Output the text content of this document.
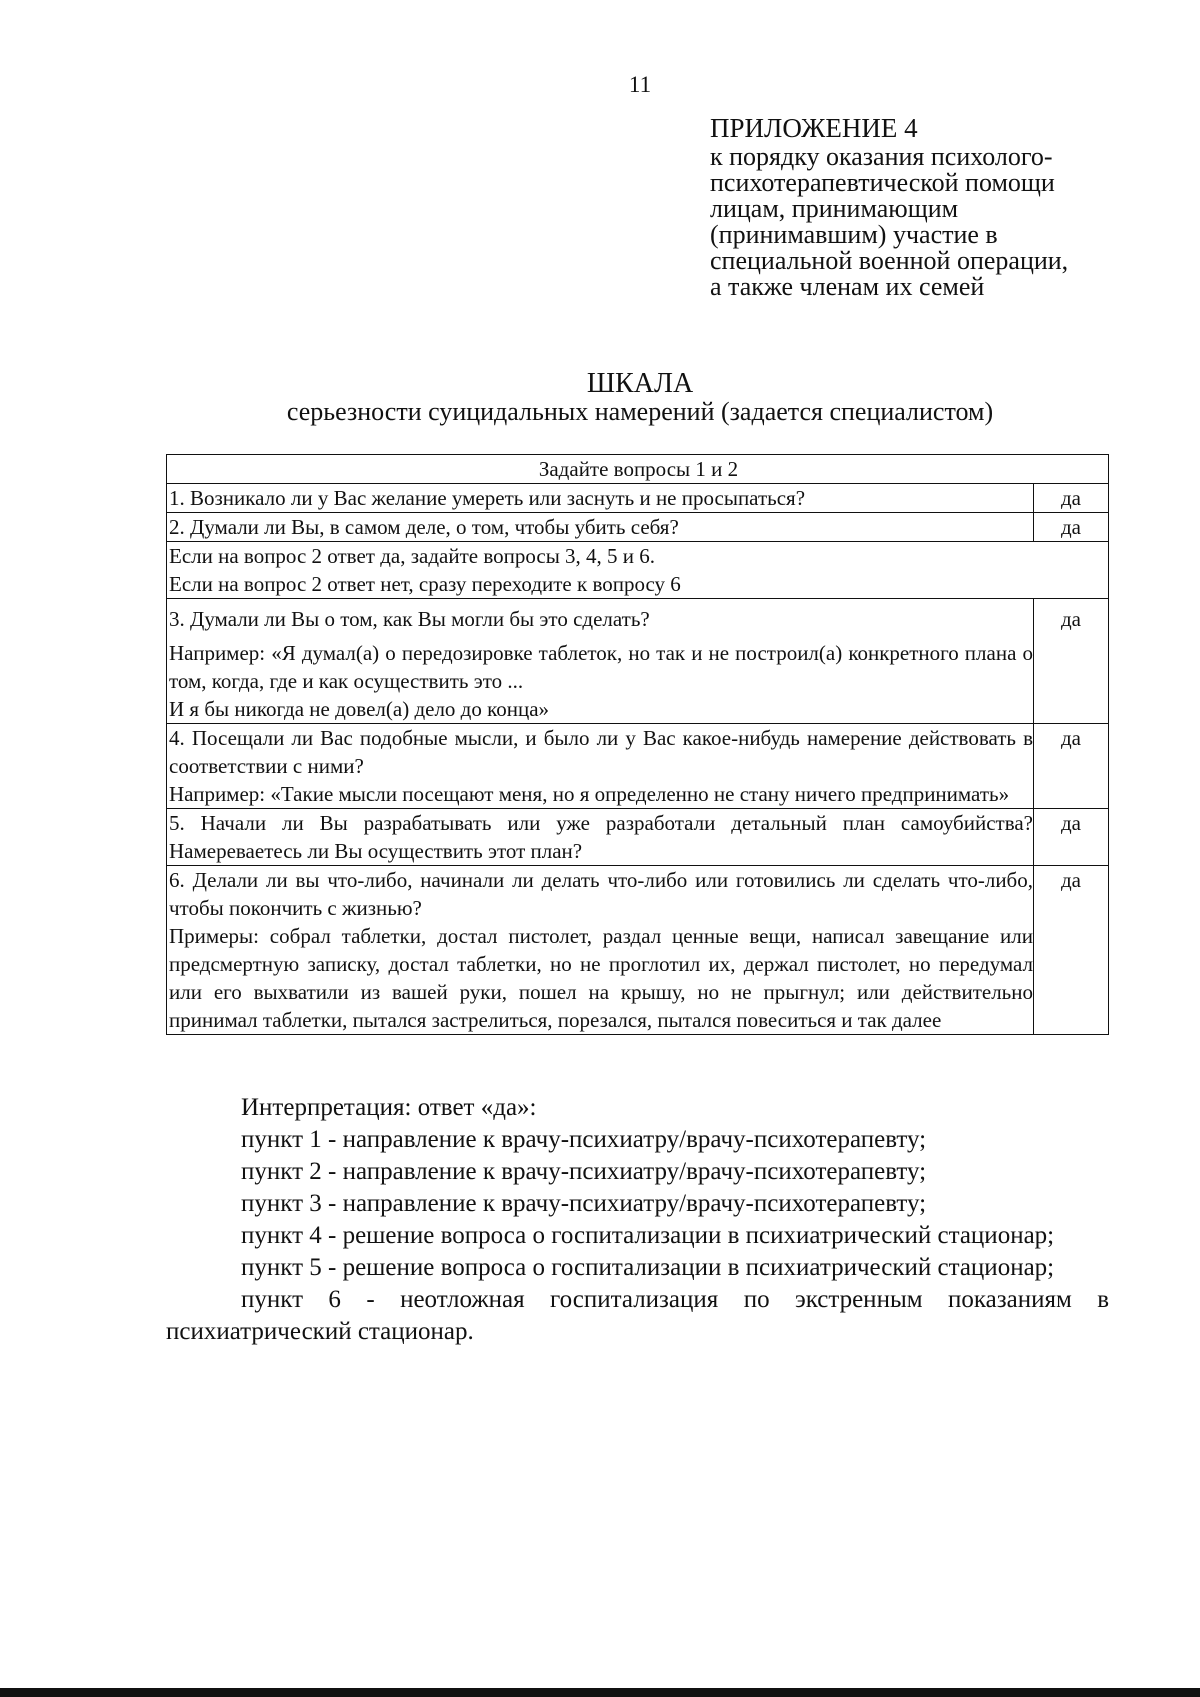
11
ПРИЛОЖЕНИЕ 4
к порядку оказания психолого-
психотерапевтической помощи
лицам, принимающим
(принимавшим) участие в
специальной военной операции,
а также членам их семей
ШКАЛА
серьезности суицидальных намерений (задается специалистом)
Задайте вопросы 1 и 2	
1. Возникало ли у Вас желание умереть или заснуть и не просыпаться?	да
2. Думали ли Вы, в самом деле, о том, чтобы убить себя?	да

Если на вопрос 2 ответ да, задайте вопросы 3, 4, 5 и 6.
Если на вопрос 2 ответ нет, сразу переходите к вопросу 6	

3. Думали ли Вы о том, как Вы могли бы это сделать?
Например: «Я думал(а) о передозировке таблеток, но так и не построил(а) конкретного плана о том, когда, где и как осуществить это ...
И я бы никогда не довел(а) дело до конца»	да

4. Посещали ли Вас подобные мысли, и было ли у Вас какое-нибудь намерение действовать в соответствии с ними?
Например: «Такие мысли посещают меня, но я определенно не стану ничего предпринимать»	да
5. Начали ли Вы разрабатывать или уже разработали детальный план самоубийства? Намереваетесь ли Вы осуществить этот план?	да

6. Делали ли вы что-либо, начинали ли делать что-либо или готовились ли сделать что-либо, чтобы покончить с жизнью?
Примеры: собрал таблетки, достал пистолет, раздал ценные вещи, написал завещание или предсмертную записку, достал таблетки, но не проглотил их, держал пистолет, но передумал или его выхватили из вашей руки, пошел на крышу, но не прыгнул; или действительно принимал таблетки, пытался застрелиться, порезался, пытался повеситься и так далее	да

Интерпретация: ответ «да»:

пункт 1 - направление к врачу-психиатру/врачу-психотерапевту;

пункт 2 - направление к врачу-психиатру/врачу-психотерапевту;

пункт 3 - направление к врачу-психиатру/врачу-психотерапевту;

пункт 4 - решение вопроса о госпитализации в психиатрический стационар;

пункт 5 - решение вопроса о госпитализации в психиатрический стационар;

пункт 6 - неотложная госпитализация по экстренным показаниям в психиатрический стационар.
